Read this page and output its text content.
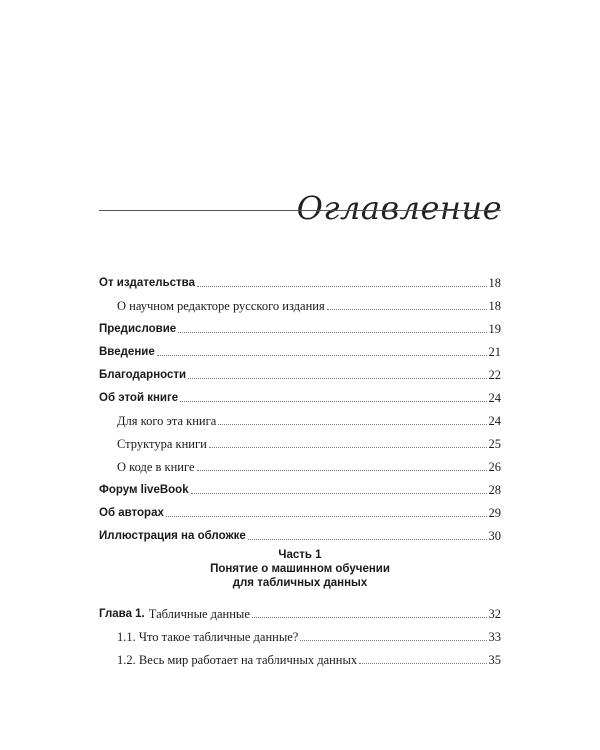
Оглавление
От издательства	18
О научном редакторе русского издания	18
Предисловие	19
Введение	21
Благодарности	22
Об этой книге	24
Для кого эта книга	24
Структура книги	25
О коде в книге	26
Форум liveBook	28
Об авторах	29
Иллюстрация на обложке	30
Часть 1
Понятие о машинном обучении
для табличных данных
Глава 1. Табличные данные	32
1.1. Что такое табличные данные?	33
1.2. Весь мир работает на табличных данных	35
